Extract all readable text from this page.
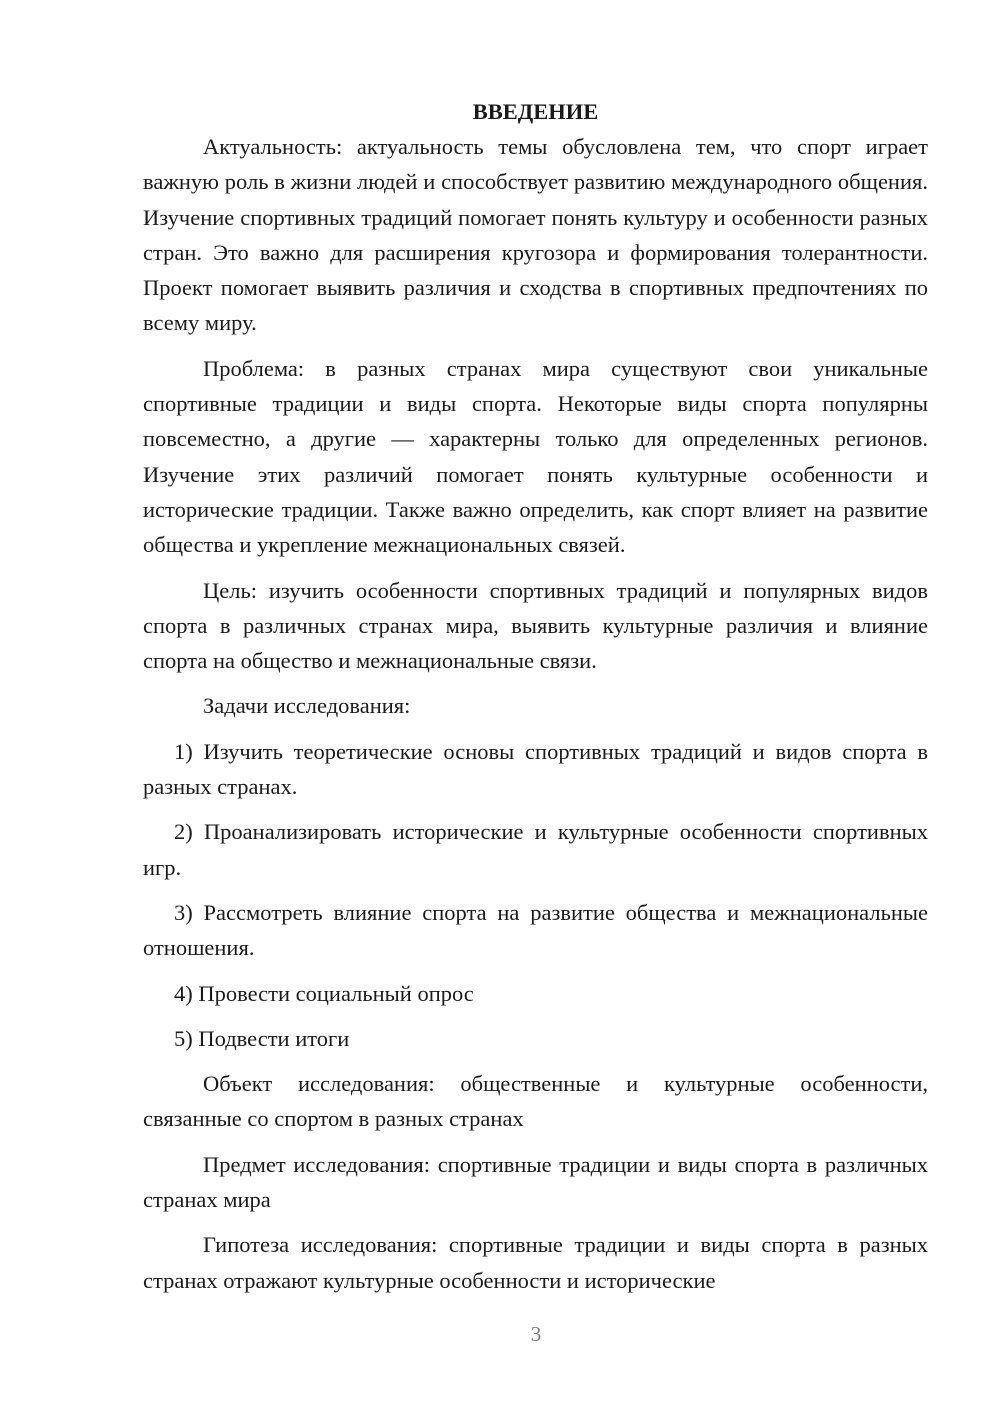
ВВЕДЕНИЕ

Актуальность: актуальность темы обусловлена тем, что спорт играет важную роль в жизни людей и способствует развитию международного общения. Изучение спортивных традиций помогает понять культуру и особенности разных стран. Это важно для расширения кругозора и формирования толерантности. Проект помогает выявить различия и сходства в спортивных предпочтениях по всему миру.

Проблема: в разных странах мира существуют свои уникальные спортивные традиции и виды спорта. Некоторые виды спорта популярны повсеместно, а другие — характерны только для определенных регионов. Изучение этих различий помогает понять культурные особенности и исторические традиции. Также важно определить, как спорт влияет на развитие общества и укрепление межнациональных связей.

Цель: изучить особенности спортивных традиций и популярных видов спорта в различных странах мира, выявить культурные различия и влияние спорта на общество и межнациональные связи.

Задачи исследования:

1) Изучить теоретические основы спортивных традиций и видов спорта в разных странах.

2) Проанализировать исторические и культурные особенности спортивных игр.

3) Рассмотреть влияние спорта на развитие общества и межнациональные отношения.

4) Провести социальный опрос

5) Подвести итоги

Объект исследования: общественные и культурные особенности, связанные со спортом в разных странах

Предмет исследования: спортивные традиции и виды спорта в различных странах мира

Гипотеза исследования: спортивные традиции и виды спорта в разных странах отражают культурные особенности и исторические

3
